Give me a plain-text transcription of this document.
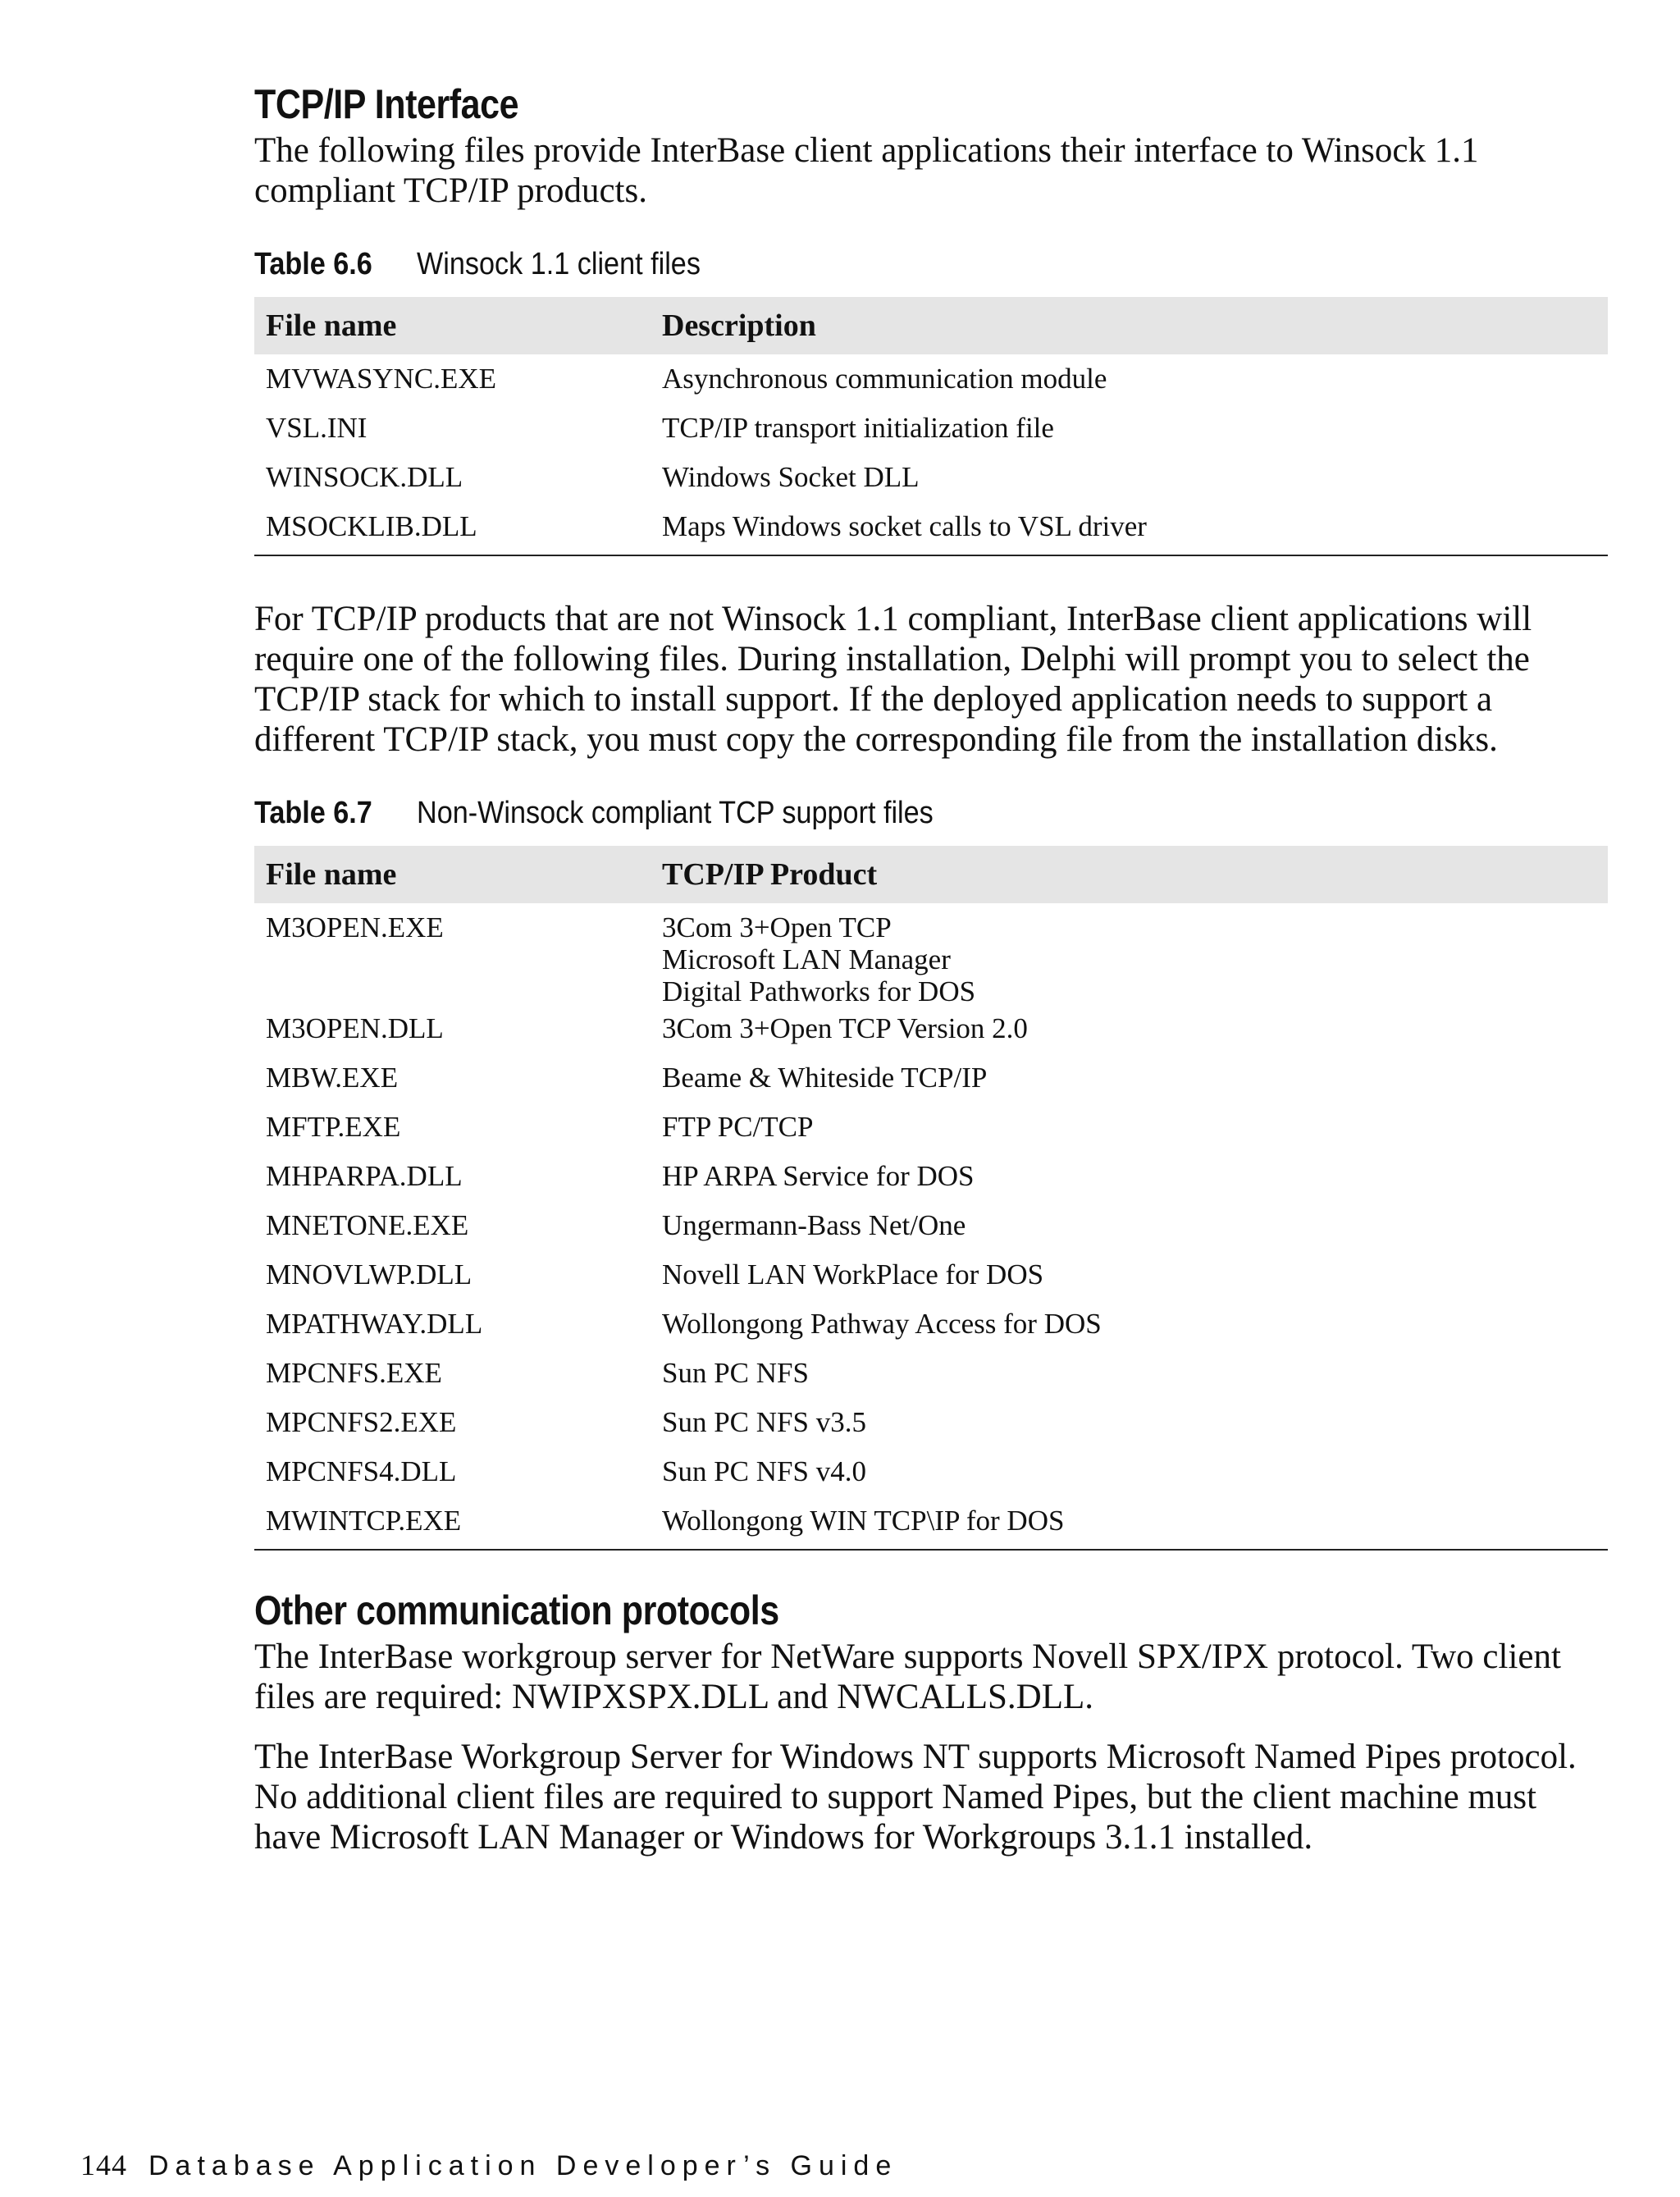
TCP/IP Interface

The following files provide InterBase client applications their interface to Winsock 1.1 compliant TCP/IP products.

Table 6.6	Winsock 1.1 client files
File name	Description
MVWASYNC.EXE	Asynchronous communication module
VSL.INI	TCP/IP transport initialization file
WINSOCK.DLL	Windows Socket DLL
MSOCKLIB.DLL	Maps Windows socket calls to VSL driver

For TCP/IP products that are not Winsock 1.1 compliant, InterBase client applications will require one of the following files. During installation, Delphi will prompt you to select the TCP/IP stack for which to install support. If the deployed application needs to support a different TCP/IP stack, you must copy the corresponding file from the installation disks.

Table 6.7	Non-Winsock compliant TCP support files
File name	TCP/IP Product
M3OPEN.EXE	3Com 3+Open TCP
Microsoft LAN Manager
Digital Pathworks for DOS

M3OPEN.DLL	3Com 3+Open TCP Version 2.0
MBW.EXE	Beame & Whiteside TCP/IP
MFTP.EXE	FTP PC/TCP
MHPARPA.DLL	HP ARPA Service for DOS
MNETONE.EXE	Ungermann-Bass Net/One
MNOVLWP.DLL	Novell LAN WorkPlace for DOS
MPATHWAY.DLL	Wollongong Pathway Access for DOS
MPCNFS.EXE	Sun PC NFS
MPCNFS2.EXE	Sun PC NFS v3.5
MPCNFS4.DLL	Sun PC NFS v4.0
MWINTCP.EXE	Wollongong WIN TCP\IP for DOS
Other communication protocols

The InterBase workgroup server for NetWare supports Novell SPX/IPX protocol. Two client files are required: NWIPXSPX.DLL and NWCALLS.DLL.

The InterBase Workgroup Server for Windows NT supports Microsoft Named Pipes protocol. No additional client files are required to support Named Pipes, but the client machine must have Microsoft LAN Manager or Windows for Workgroups 3.1.1 installed.

144 Database Application Developer’s Guide
